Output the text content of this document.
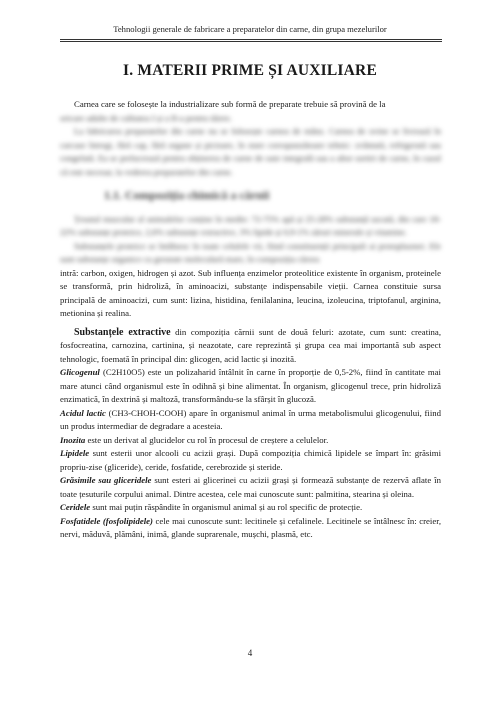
Tehnologii generale de fabricare a preparatelor din carne, din grupa mezelurilor
I. MATERII PRIME ȘI AUXILIARE

Carnea care se folosește la industrializare sub formă de preparate trebuie să provină de la

oricare adulte de calitatea I și a II-a pentru tăiere.

La fabricarea preparatelor din carne nu se folosește carnea de mânz. Carnea de ovine se livrează în carcase întregi, fără cap, fără organe și picioare, în stare corespunzătoare tehnic: zvântată, refrigerată sau congelată. Ea se prelucrează pentru obținerea de carne de oaie integrală sau a altor sortiri de carne, în cazul că este necesar, la vederea preparatelor din carne.

1.1. Compoziția chimică a cărnii

Țesutul muscular al animalelor conține în medie: 72-75% apă și 25-28% substanță uscată, din care 18-22% substanțe proteice, 2,6% substanțe extractive, 3% lipide și 0,9-1% săruri minerale și vitamine.

Substanțele proteice se întâlnesc în toate celulele vii, fiind constituenții principali ai protoplasmei. Ele sunt substanțe organice cu greutate moleculară mare, în compoziția cărora

intră: carbon, oxigen, hidrogen și azot. Sub influența enzimelor proteolitice existente în organism, proteinele se transformă, prin hidroliză, în aminoacizi, substanțe indispensabile vieții. Carnea constituie sursa principală de aminoacizi, cum sunt: lizina, histidina, fenilalanina, leucina, izoleucina, triptofanul, arginina, metionina și realina.

Substanțele extractive din compoziția cărnii sunt de două feluri: azotate, cum sunt: creatina, fosfocreatina, carnozina, cartinina, și neazotate, care reprezintă și grupa cea mai importantă sub aspect tehnologic, foemată în principal din: glicogen, acid lactic și inozită.

Glicogenul (C2H10O5) este un polizaharid întâlnit în carne în proporție de 0,5-2%, fiind în cantitate mai mare atunci când organismul este în odihnă și bine alimentat. În organism, glicogenul trece, prin hidroliză enzimatică, în dextrină și maltoză, transformându-se la sfârșit în glucoză.

Acidul lactic (CH3-CHOH-COOH) apare în organismul animal în urma metabolismului glicogenului, fiind un produs intermediar de degradare a acesteia.

Inozita este un derivat al glucidelor cu rol în procesul de creștere a celulelor.

Lipidele sunt esterii unor alcooli cu acizii grași. După compoziția chimică lipidele se împart în: grăsimi propriu-zise (gliceride), ceride, fosfatide, cerebrozide și steride.

Grăsimile sau gliceridele sunt esteri ai glicerinei cu acizii grași și formează substanțe de rezervă aflate în toate țesuturile corpului animal. Dintre acestea, cele mai cunoscute sunt: palmitina, stearina și oleina.

Ceridele sunt mai puțin răspândite în organismul animal și au rol specific de protecție.

Fosfatidele (fosfolipidele) cele mai cunoscute sunt: lecitinele și cefalinele. Lecitinele se întâlnesc în: creier, nervi, măduvă, plămâni, inimă, glande suprarenale, mușchi, plasmă, etc.

4
